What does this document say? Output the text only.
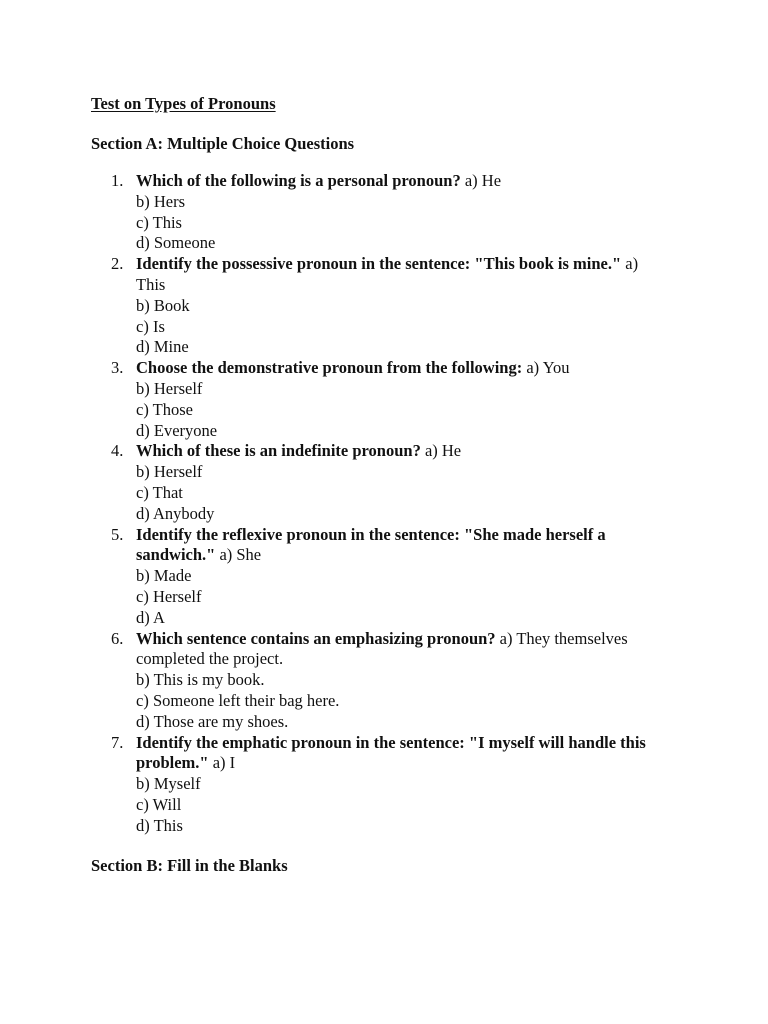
Test on Types of Pronouns
Section A: Multiple Choice Questions
1. Which of the following is a personal pronoun? a) He
b) Hers
c) This
d) Someone
2. Identify the possessive pronoun in the sentence: "This book is mine." a) This
b) Book
c) Is
d) Mine
3. Choose the demonstrative pronoun from the following: a) You
b) Herself
c) Those
d) Everyone
4. Which of these is an indefinite pronoun? a) He
b) Herself
c) That
d) Anybody
5. Identify the reflexive pronoun in the sentence: "She made herself a sandwich." a) She
b) Made
c) Herself
d) A
6. Which sentence contains an emphasizing pronoun? a) They themselves completed the project.
b) This is my book.
c) Someone left their bag here.
d) Those are my shoes.
7. Identify the emphatic pronoun in the sentence: "I myself will handle this problem." a) I
b) Myself
c) Will
d) This
Section B: Fill in the Blanks
